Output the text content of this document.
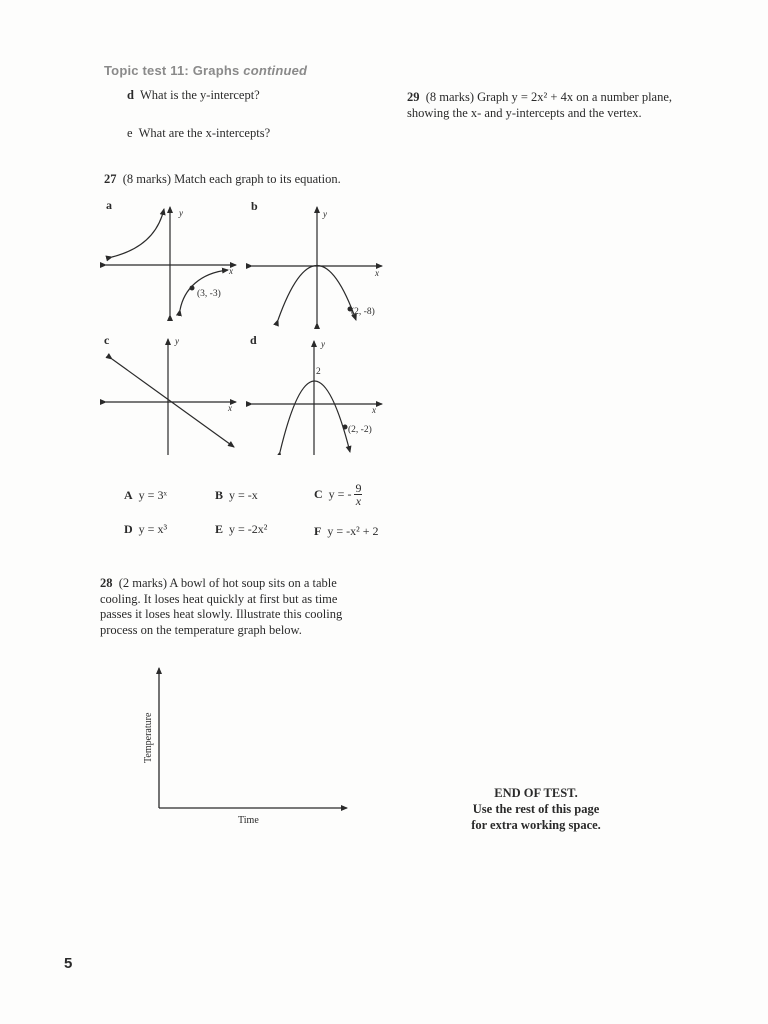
Topic test 11: Graphs continued
d What is the y-intercept?
e What are the x-intercepts?
27 (8 marks) Match each graph to its equation.
a	b
c	d
y
x
(3, -3)
y
x
(2, -8)
y
x
y
x
2
(2, -2)
A y = 3ˣ	B y = -x	C y = - $\frac{9}{x}$
D y = x³	E y = -2x²	F y = -x² + 2
28 (2 marks) A bowl of hot soup sits on a table cooling. It loses heat quickly at first but as time passes it loses heat slowly. Illustrate this cooling process on the temperature graph below.
Temperature
Time
29 (8 marks) Graph y = 2x² + 4x on a number plane, showing the x- and y-intercepts and the vertex.
END OF TEST.
Use the rest of this page
for extra working space.
5
